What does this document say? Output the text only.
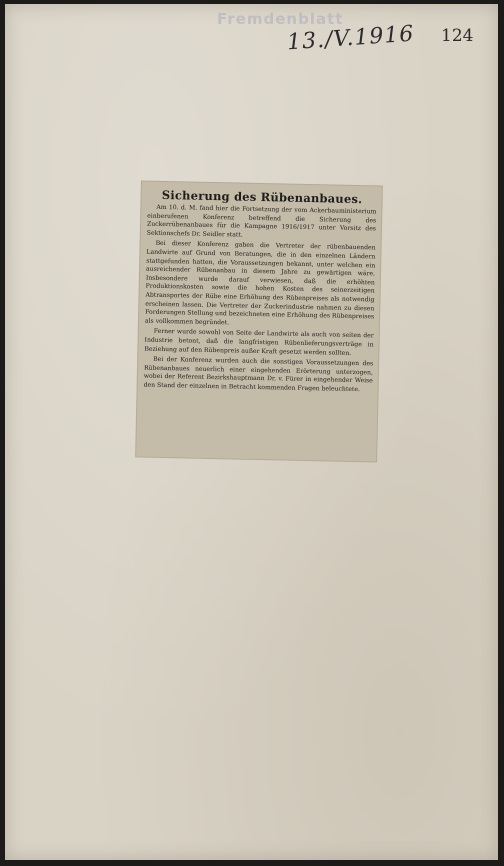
Fremdenblatt
13./V.1916 124
Sicherung des Rübenanbaues.

Am 10. d. M. fand hier die Fortsetzung der vom Ackerbauministerium einberufenen Konferenz betreffend die Sicherung des Zuckerrübenanbaues für die Kampagne 1916/1917 unter Vorsitz des Sektionschefs Dr. Seidler statt.

Bei dieser Konferenz gaben die Vertreter der rübenbauenden Landwirte auf Grund von Beratungen, die in den einzelnen Ländern stattgefunden hatten, die Voraussetzungen bekannt, unter welchen ein ausreichender Rübenanbau in diesem Jahre zu gewärtigen wäre. Insbesondere wurde darauf verwiesen, daß die erhöhten Produktionskosten sowie die hohen Kosten des seinerzeitigen Abtransportes der Rübe eine Erhöhung des Rübenpreises als notwendig erscheinen lassen. Die Vertreter der Zuckerindustrie nahmen zu diesen Forderungen Stellung und bezeichneten eine Erhöhung des Rübenpreises als vollkommen begründet.

Ferner wurde sowohl von Seite der Landwirte als auch von seiten der Industrie betont, daß die langfristigen Rübenlieferungsverträge in Beziehung auf den Rübenpreis außer Kraft gesetzt werden sollten.

Bei der Konferenz wurden auch die sonstigen Voraussetzungen des Rübenanbaues neuerlich einer eingehenden Erörterung unterzogen, wobei der Referent Bezirkshauptmann Dr. v. Fürer in eingehender Weise den Stand der einzelnen in Betracht kommenden Fragen beleuchtete.
